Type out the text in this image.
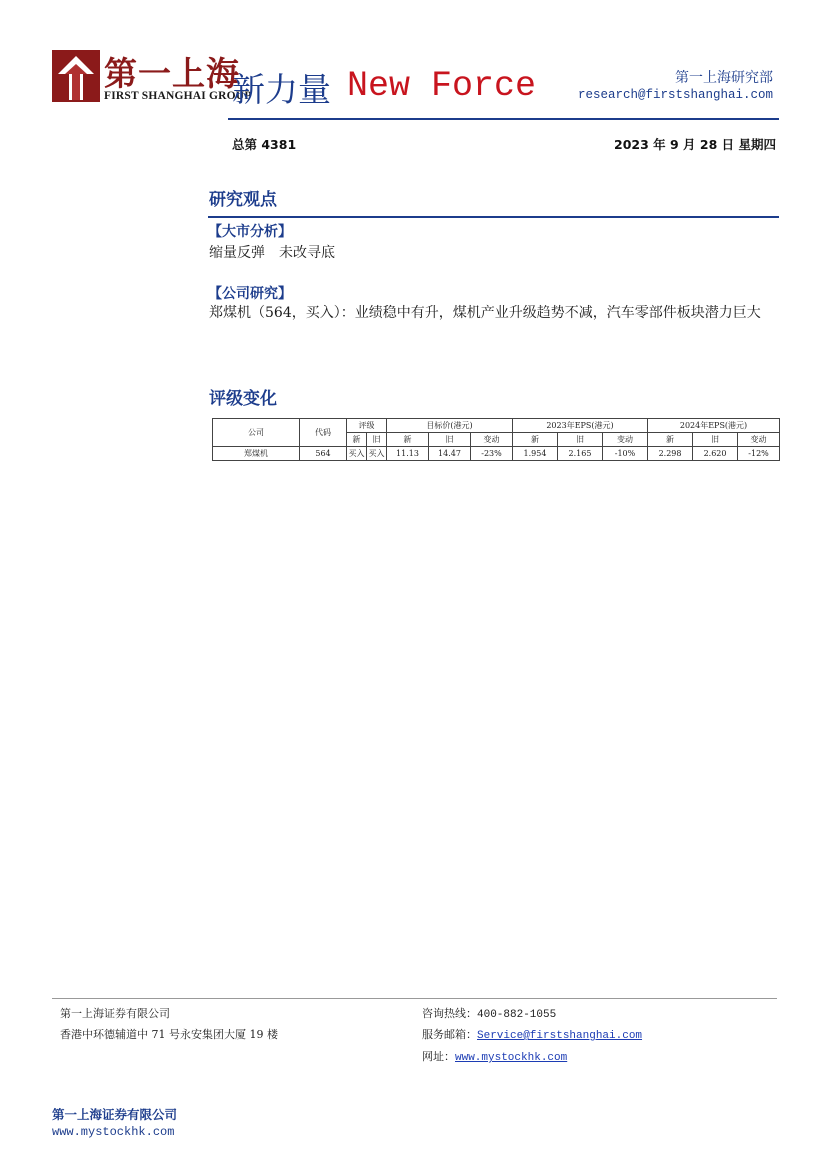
第一上海
FIRST SHANGHAI GROUP
新力量 New Force	第一上海研究部
research@firstshanghai.com
总第 4381	2023 年 9 月 28 日 星期四
研究观点
【大市分析】
缩量反弹　未改寻底
【公司研究】
郑煤机（564，买入）：业绩稳中有升，煤机产业升级趋势不减，汽车零部件板块潜力巨大
评级变化
公司	代码	评级		目标价(港元)			2023年EPS(港元)			2024年EPS(港元)		
		新	旧	新	旧	变动	新	旧	变动	新	旧	变动
郑煤机	564	买入	买入	11.13	14.47	-23%	1.954	2.165	-10%	2.298	2.620	-12%
第一上海证券有限公司
香港中环德辅道中 71 号永安集团大厦 19 楼
咨询热线：400-882-1055
服务邮箱：Service@firstshanghai.com
网址：www.mystockhk.com
第一上海证券有限公司
www.mystockhk.com
